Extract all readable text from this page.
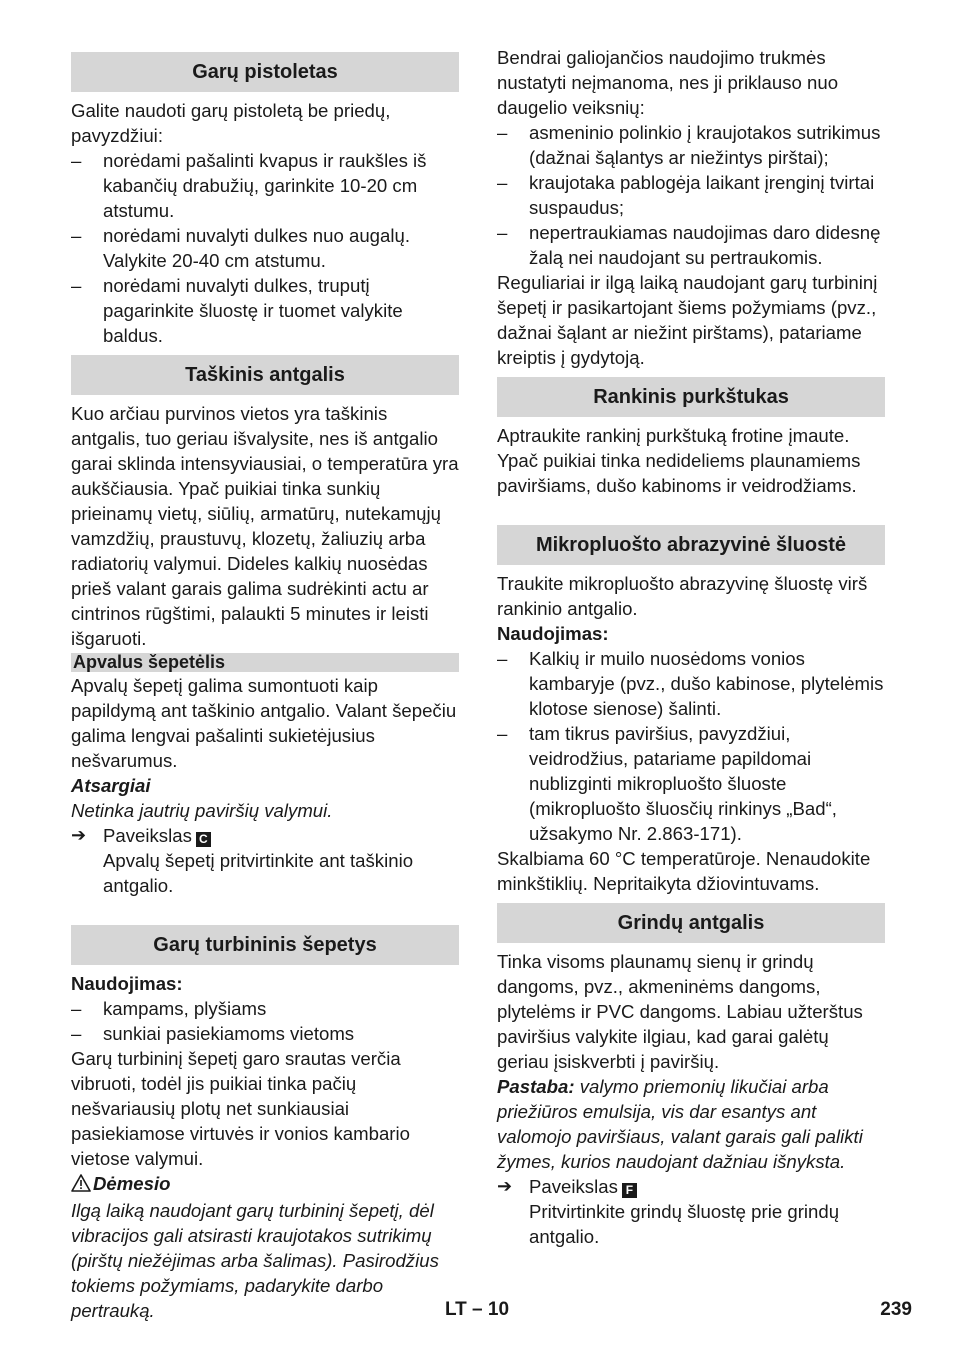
Garų pistoletas

Galite naudoti garų pistoletą be priedų, pavyzdžiui:

–	norėdami pašalinti kvapus ir raukšles iš kabančių drabužių, garinkite 10-20 cm atstumu.
–	norėdami nuvalyti dulkes nuo augalų. Valykite 20-40 cm atstumu.
–	norėdami nuvalyti dulkes, truputį pagarinkite šluostę ir tuomet valykite baldus.
Taškinis antgalis

Kuo arčiau purvinos vietos yra taškinis antgalis, tuo geriau išvalysite, nes iš antgalio garai sklinda intensyviausiai, o temperatūra yra aukščiausia. Ypač puikiai tinka sunkių prieinamų vietų, siūlių, armatūrų, nutekamųjų vamzdžių, praustuvų, klozetų, žaliuzių arba radiatorių valymui. Dideles kalkių nuosėdas prieš valant garais galima sudrėkinti actu ar cintrinos rūgštimi, palaukti 5 minutes ir leisti išgaruoti.

Apvalus šepetėlis

Apvalų šepetį galima sumontuoti kaip papildymą ant taškinio antgalio. Valant šepečiu galima lengvai pašalinti sukietėjusius nešvarumus.

Atsargiai

Netinka jautrių paviršių valymui.

➔ Paveikslas C
Apvalų šepetį pritvirtinkite ant taškinio antgalio.
Garų turbininis šepetys

Naudojimas:

–	kampams, plyšiams
–	sunkiai pasiekiamoms vietoms

Garų turbininį šepetį garo srautas verčia vibruoti, todėl jis puikiai tinka pačių nešvariausių plotų net sunkiausiai pasiekiamose virtuvės ir vonios kambario vietose valymui.

Dėmesio

Ilgą laiką naudojant garų turbininį šepetį, dėl vibracijos gali atsirasti kraujotakos sutrikimų (pirštų niežėjimas arba šalimas). Pasirodžius tokiems požymiams, padarykite darbo pertrauką.

Bendrai galiojančios naudojimo trukmės nustatyti neįmanoma, nes ji priklauso nuo daugelio veiksnių:

–	asmeninio polinkio į kraujotakos sutrikimus (dažnai šąlantys ar niežintys pirštai);
–	kraujotaka pablogėja laikant įrenginį tvirtai suspaudus;
–	nepertraukiamas naudojimas daro didesnę žalą nei naudojant su pertraukomis.

Reguliariai ir ilgą laiką naudojant garų turbininį šepetį ir pasikartojant šiems požymiams (pvz., dažnai šąlant ar niežint pirštams), patariame kreiptis į gydytoją.

Rankinis purkštukas

Aptraukite rankinį purkštuką frotine įmaute. Ypač puikiai tinka nedideliems plaunamiems paviršiams, dušo kabinoms ir veidrodžiams.

Mikropluošto abrazyvinė šluostė

Traukite mikropluošto abrazyvinę šluostę virš rankinio antgalio.

Naudojimas:

–	Kalkių ir muilo nuosėdoms vonios kambaryje (pvz., dušo kabinose, plytelėmis klotose sienose) šalinti.
–	tam tikrus paviršius, pavyzdžiui, veidrodžius, patariame papildomai nublizginti mikropluošto šluoste (mikropluošto šluosčių rinkinys „Bad“, užsakymo Nr. 2.863-171).

Skalbiama 60 °C temperatūroje. Nenaudokite minkštiklių. Nepritaikyta džiovintuvams.

Grindų antgalis

Tinka visoms plaunamų sienų ir grindų dangoms, pvz., akmeninėms dangoms, plytelėms ir PVC dangoms. Labiau užterštus paviršius valykite ilgiau, kad garai galėtų geriau įsiskverbti į paviršių.

Pastaba: valymo priemonių likučiai arba priežiūros emulsija, vis dar esantys ant valomojo paviršiaus, valant garais gali palikti žymes, kurios naudojant dažniau išnyksta.

➔ Paveikslas F
Pritvirtinkite grindų šluostę prie grindų antgalio.
LT – 10	239
